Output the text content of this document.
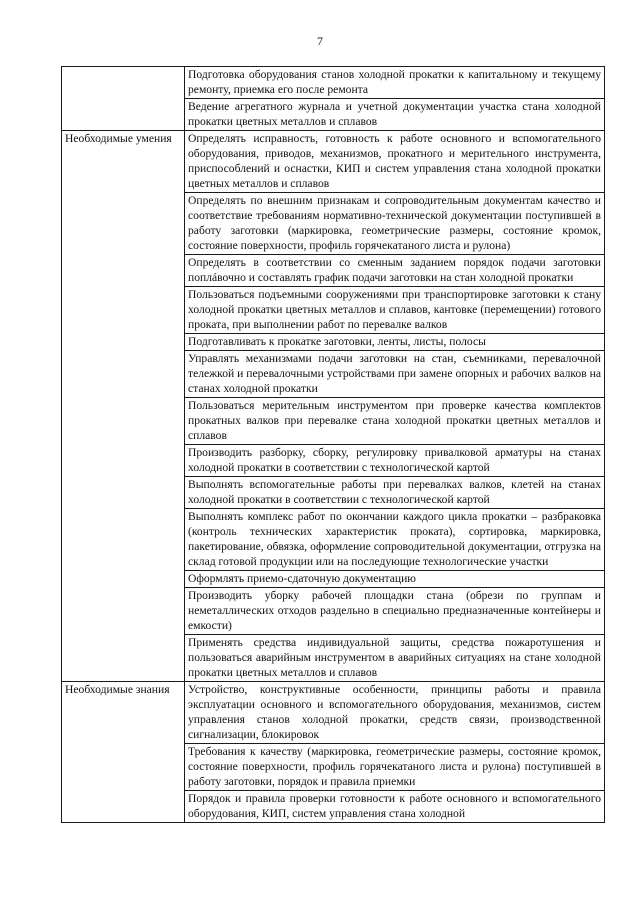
7

	Подготовка оборудования станов холодной прокатки к капитальному и текущему ремонту, приемка его после ремонта

	Ведение агрегатного журнала и учетной документации участка стана холодной прокатки цветных металлов и сплавов

Необходимые умения	Определять исправность, готовность к работе основного и вспомогательного оборудования, приводов, механизмов, прокатного и мерительного инструмента, приспособлений и оснастки, КИП и систем управления стана холодной прокатки цветных металлов и сплавов

	Определять по внешним признакам и сопроводительным документам качество и соответствие требованиям нормативно-технической документации поступившей в работу заготовки (маркировка, геометрические размеры, состояние кромок, состояние поверхности, профиль горячекатаного листа и рулона)

	Определять в соответствии со сменным заданием порядок подачи заготовки поплáвочно и составлять график подачи заготовки на стан холодной прокатки

	Пользоваться подъемными сооружениями при транспортировке заготовки к стану холодной прокатки цветных металлов и сплавов, кантовке (перемещении) готового проката, при выполнении работ по перевалке валков

	Подготавливать к прокатке заготовки, ленты, листы, полосы

	Управлять механизмами подачи заготовки на стан, съемниками, перевалочной тележкой и перевалочными устройствами при замене опорных и рабочих валков на станах холодной прокатки

	Пользоваться мерительным инструментом при проверке качества комплектов прокатных валков при перевалке стана холодной прокатки цветных металлов и сплавов

	Производить разборку, сборку, регулировку привалковой арматуры на станах холодной прокатки в соответствии с технологической картой

	Выполнять вспомогательные работы при перевалках валков, клетей на станах холодной прокатки в соответствии с технологической картой

	Выполнять комплекс работ по окончании каждого цикла прокатки – разбраковка (контроль технических характеристик проката), сортировка, маркировка, пакетирование, обвязка, оформление сопроводительной документации, отгрузка на склад готовой продукции или на последующие технологические участки

	Оформлять приемо-сдаточную документацию

	Производить уборку рабочей площадки стана (обрези по группам и неметаллических отходов раздельно в специально предназначенные контейнеры и емкости)

	Применять средства индивидуальной защиты, средства пожаротушения и пользоваться аварийным инструментом в аварийных ситуациях на стане холодной прокатки цветных металлов и сплавов

Необходимые знания	Устройство, конструктивные особенности, принципы работы и правила эксплуатации основного и вспомогательного оборудования, механизмов, систем управления станов холодной прокатки, средств связи, производственной сигнализации, блокировок

	Требования к качеству (маркировка, геометрические размеры, состояние кромок, состояние поверхности, профиль горячекатаного листа и рулона) поступившей в работу заготовки, порядок и правила приемки

	Порядок и правила проверки готовности к работе основного и вспомогательного оборудования, КИП, систем управления стана холодной
